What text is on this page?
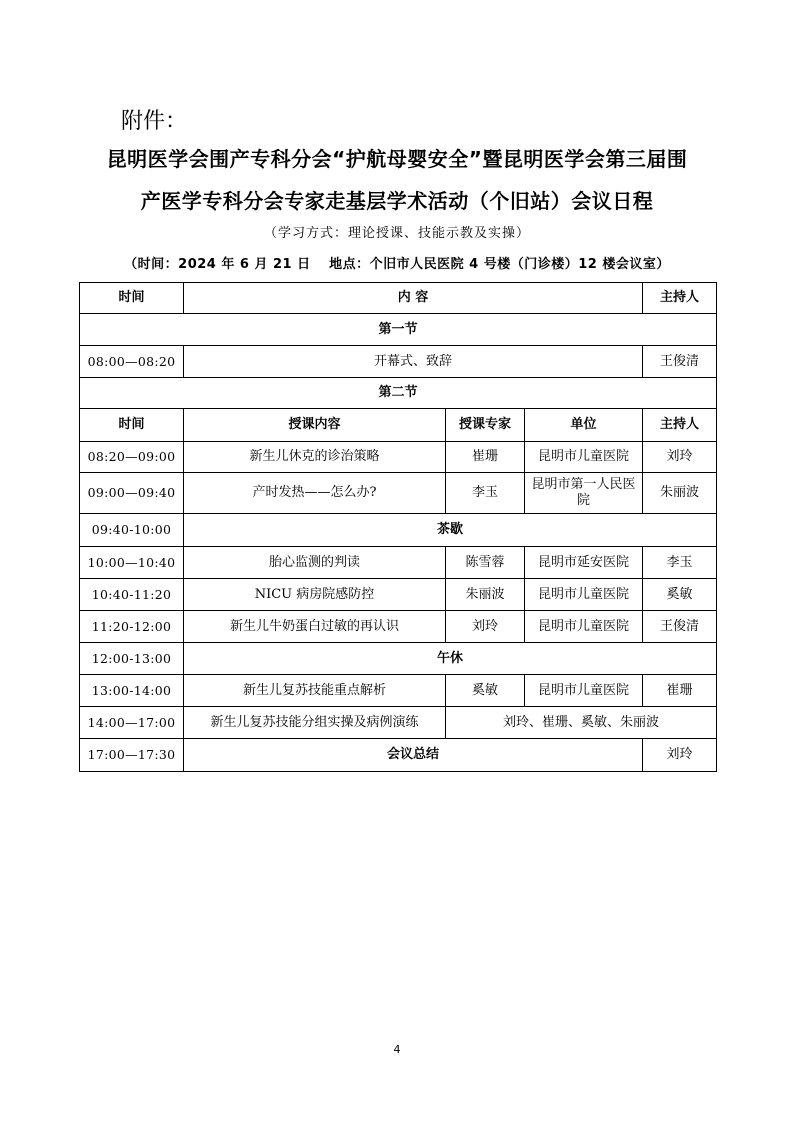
附件：
昆明医学会围产专科分会“护航母婴安全”暨昆明医学会第三届围
产医学专科分会专家走基层学术活动（个旧站）会议日程
（学习方式：理论授课、技能示教及实操）
（时间：2024 年 6 月 21 日　 地点：个旧市人民医院 4 号楼（门诊楼）12 楼会议室）
时间	内 容			主持人
第一节				
08:00—08:20	开幕式、致辞			王俊清
第二节				
时间	授课内容	授课专家	单位	主持人
08:20—09:00	新生儿休克的诊治策略	崔珊	昆明市儿童医院	刘玲
09:00—09:40	产时发热——怎么办?	李玉	昆明市第一人民医院	朱丽波
09:40-10:00	茶歇			
10:00—10:40	胎心监测的判读	陈雪蓉	昆明市延安医院	李玉
10:40-11:20	NICU 病房院感防控	朱丽波	昆明市儿童医院	奚敏
11:20-12:00	新生儿牛奶蛋白过敏的再认识	刘玲	昆明市儿童医院	王俊清
12:00-13:00	午休			
13:00-14:00	新生儿复苏技能重点解析	奚敏	昆明市儿童医院	崔珊
14:00—17:00	新生儿复苏技能分组实操及病例演练	刘玲、崔珊、奚敏、朱丽波		
17:00—17:30	会议总结			刘玲
4
